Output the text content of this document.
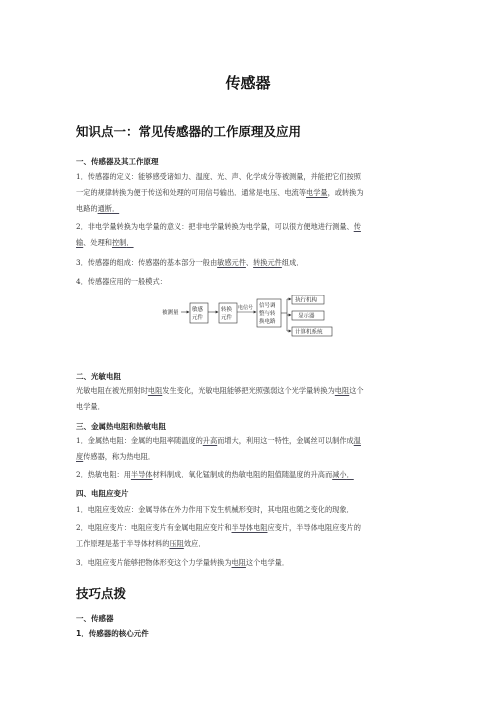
传感器
知识点一：常见传感器的工作原理及应用
一、传感器及其工作原理
1．传感器的定义：能够感受诸如力、温度、光、声、化学成分等被测量，并能把它们按照
一定的规律转换为便于传送和处理的可用信号输出．通常是电压、电流等电学量，或转换为
电路的通断．
2．非电学量转换为电学量的意义：把非电学量转换为电学量，可以很方便地进行测量、传
输、处理和控制．
3．传感器的组成：传感器的基本部分一般由敏感元件、转换元件组成．
4．传感器应用的一般模式：
被测量 敏感
元件
转换
元件
电信号 信号调
整与转
换电路
执行机构
显示器
计算机系统
二、光敏电阻
光敏电阻在被光照射时电阻发生变化，光敏电阻能够把光照强弱这个光学量转换为电阻这个
电学量．
三、金属热电阻和热敏电阻
1．金属热电阻：金属的电阻率随温度的升高而增大，利用这一特性，金属丝可以制作成温
度传感器，称为热电阻．
2．热敏电阻：用半导体材料制成．氧化锰制成的热敏电阻的阻值随温度的升高而减小．
四、电阻应变片
1．电阻应变效应：金属导体在外力作用下发生机械形变时，其电阻也随之变化的现象．
2．电阻应变片：电阻应变片有金属电阻应变片和半导体电阻应变片，半导体电阻应变片的
工作原理是基于半导体材料的压阻效应．
3．电阻应变片能够把物体形变这个力学量转换为电阻这个电学量．
技巧点拨
一、传感器
1．传感器的核心元件
